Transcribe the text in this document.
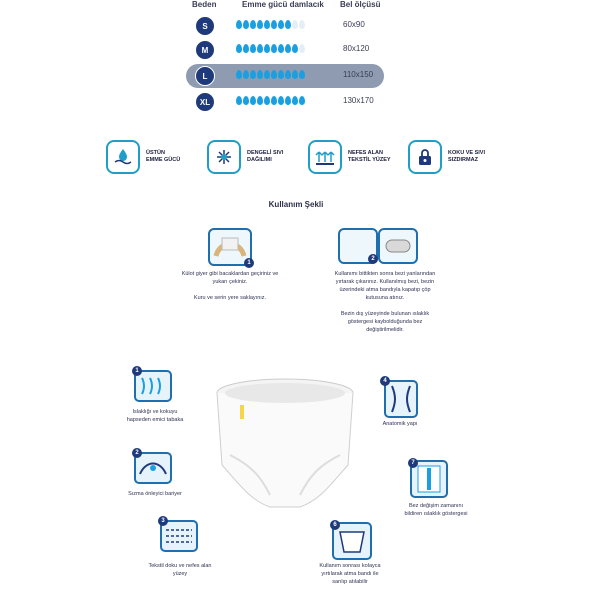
Beden	Emme gücü damlacık Bel ölçüsü
S	60x90
M	80x120
L	110x150
XL	130x170
ÜSTÜN
EMME GÜCÜ
DENGELİ SIVI
DAĞILIMI
NEFES ALAN
TEKSTİL YÜZEY
KOKU VE SIVI
SIZDIRMAZ
Kullanım Şekli
1
Külot giyer gibi bacaklardan geçiriniz ve
yukarı çekiniz.
Kuru ve serin yere saklayınız.
2
Kullanımı bittikten sonra bezi yanlarından
yırtarak çıkarınız. Kullanılmış bezi, bezin
üzerindeki atma bandıyla kapatıp çöp
kutusuna atınız.
Bezin dış yüzeyinde bulunan ıslaklık
göstergesi kaybolduğunda bez
değiştirilmelidir.
1
Islaklığı ve kokuyu
hapseden emici tabaka
2
Sızma önleyici bariyer
3
Tekstil doku ve nefes alan
yüzey
4
Anatomik yapı
7
Bez değişim zamanını
bildiren ıslaklık göstergesi
6
Kullanım sonrası kolayca
yırtılarak atma bandı ile
sarılıp atılabilir
